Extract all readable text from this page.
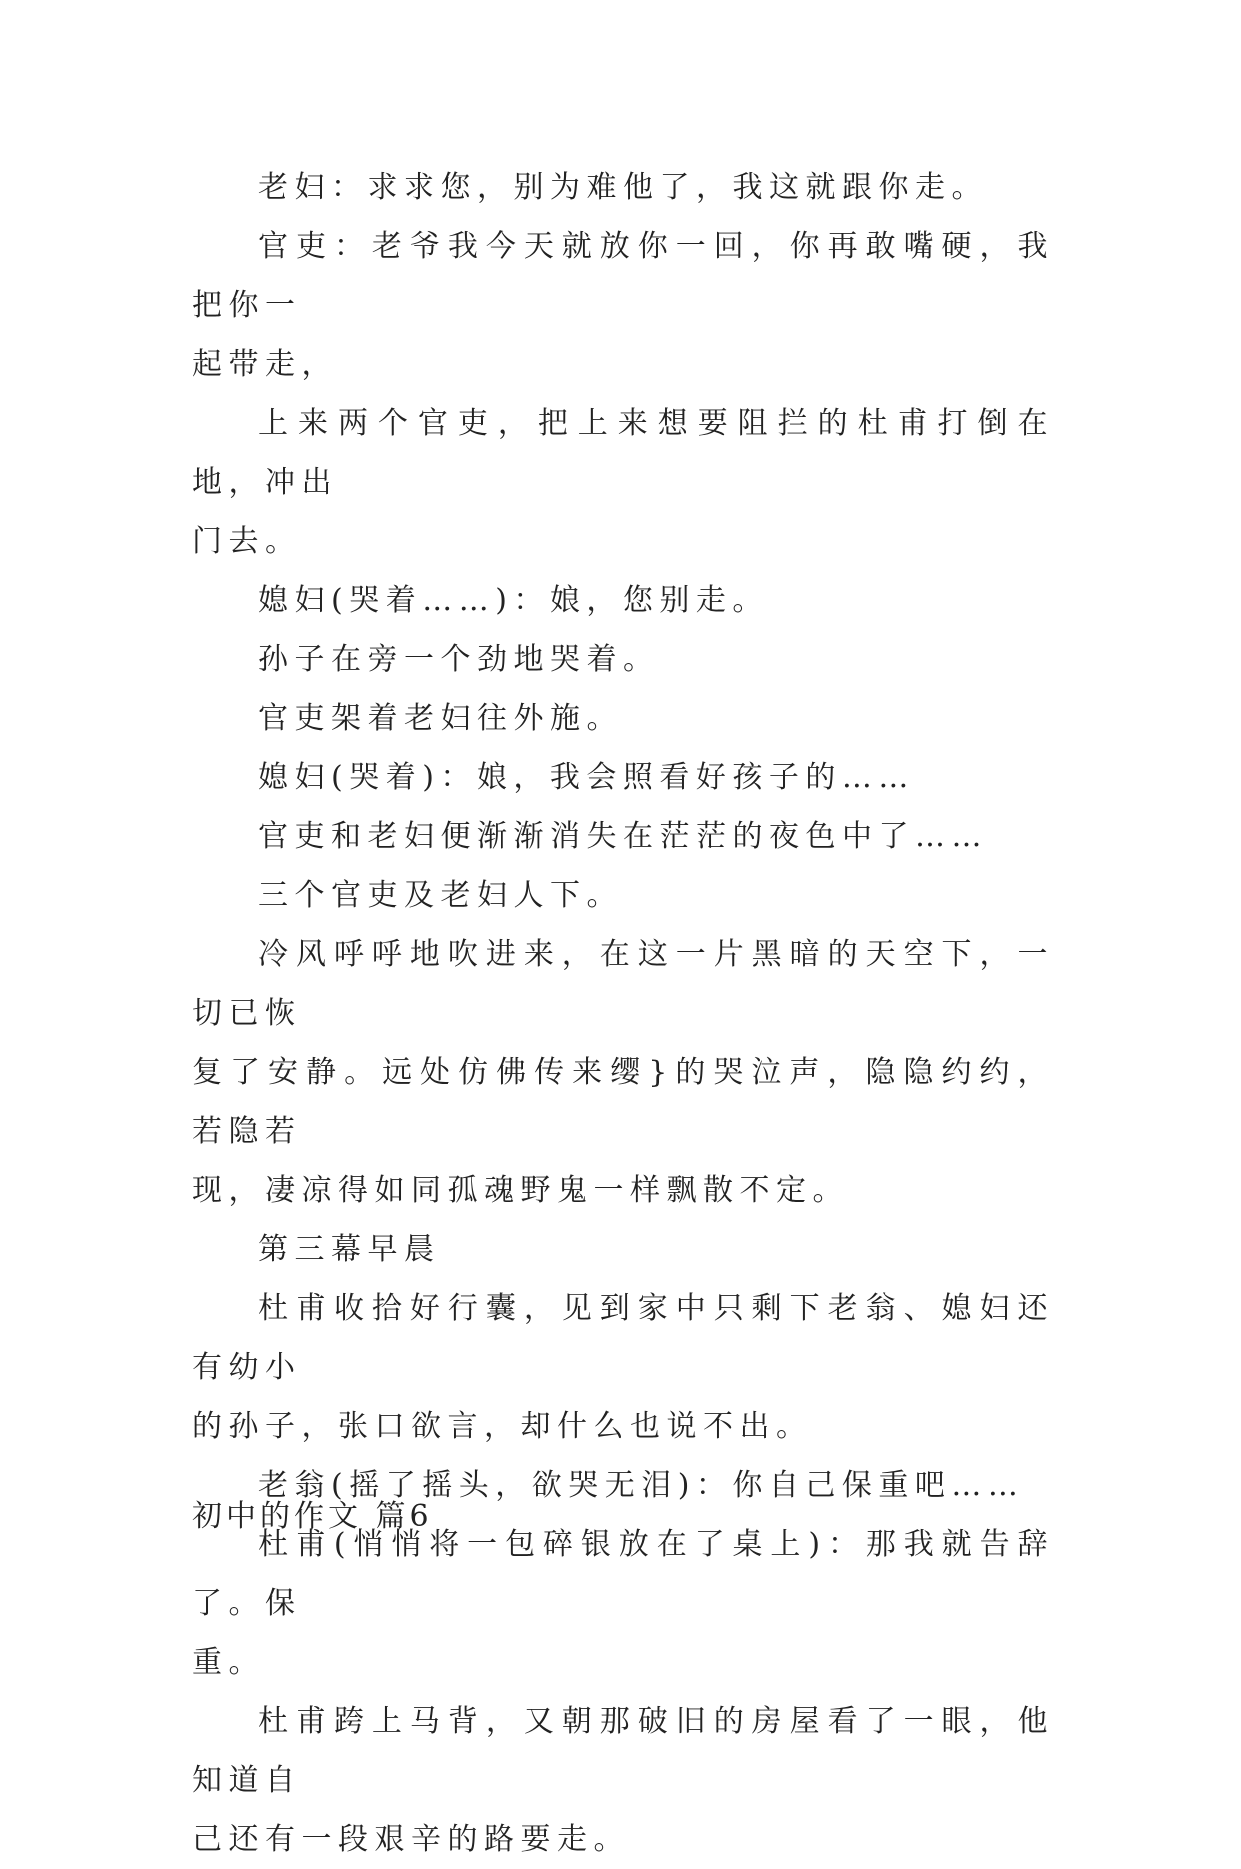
老妇：求求您，别为难他了，我这就跟你走。

官吏：老爷我今天就放你一回，你再敢嘴硬，我把你一
起带走，

上来两个官吏，把上来想要阻拦的杜甫打倒在地，冲出
门去。

媳妇(哭着……)：娘，您别走。

孙子在旁一个劲地哭着。

官吏架着老妇往外施。

媳妇(哭着)：娘，我会照看好孩子的……

官吏和老妇便渐渐消失在茫茫的夜色中了……

三个官吏及老妇人下。

冷风呼呼地吹进来，在这一片黑暗的天空下，一切已恢
复了安静。远处仿佛传来缨}的哭泣声，隐隐约约，若隐若
现，凄凉得如同孤魂野鬼一样飘散不定。

第三幕早晨

杜甫收拾好行囊，见到家中只剩下老翁、媳妇还有幼小
的孙子，张口欲言，却什么也说不出。

老翁(摇了摇头，欲哭无泪)：你自己保重吧……

杜甫(悄悄将一包碎银放在了桌上)：那我就告辞了。保
重。

杜甫跨上马背，又朝那破旧的房屋看了一眼，他知道自
己还有一段艰辛的路要走。

初中的作文 篇6
